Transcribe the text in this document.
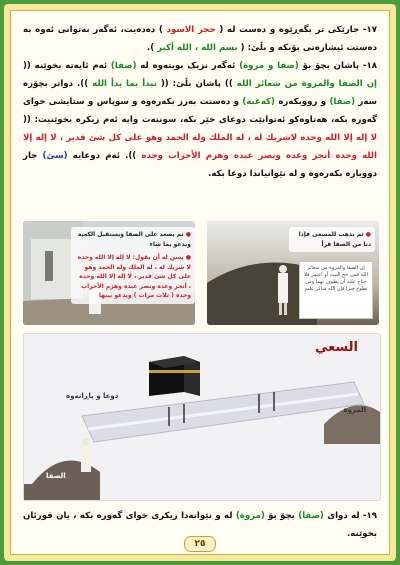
١٧- جارێکی تر بگەڕێوە و دەست لە ( حجر الاسود ) دەدەیت، ئەگەر نەتوانی ئەوە بە دەستت ئیشارەتی بۆبکە و بڵێ: ( بسم الله ، الله أكبر ).
١٨- پاشان بچۆ بۆ (صفا و مروة) ئەگەر نزیک بویتەوە لە (صفا) ئەم ئایەتە بخوێنە (( إن الصفا والمروة من شعائر الله )) پاشان بڵێ: (( نبدأ بما بدأ الله )). دواتر بچۆرە سەر (صفا) و رووبکەرە (کەعبە) و دەستت بەرز بکەرەوە و سوپاس و ستایشی خوای گەورە بکە، هەتاوەکو ئەتوانێت دوعای خێر بکە، سوننەت وایە ئەم زیکرە بخوێنیت: (( لا إله إلا الله وحده لاشريك له ، له الملك وله الحمد وهو على كل شئ قدير ، لا إله إلا الله وحده أنجز وعده ونصر عبده وهزم الأحزاب وحده )). ئەم دوعایە (سێ) جار دووبارە بکەرەوە و لە نێوانیاندا دوعا بکە.
● ثم يصعد على الصفا ويستقبل الكعبة ويدعو بما شاء
● يسن له أن يقول: لا إله إلا الله وحده لا شريك له ، له الملك وله الحمد وهو على كل شئ قدير ، لا إله إلا الله وحده ، أنجز وعده ونصر عبده وهزم الأحزاب وحده ( ثلاث مرات ) ويدعو بينها
● ثم يذهب للمسعى فإذا دنا من الصفا قرأ
إن الصفا والمروة من شعائر الله فمن حج البيت أو اعتمر فلا جناح عليه أن يطوف بهما ومن تطوع خيرا فإن الله شاكر عليم
السعي
دوعا و پاڕانەوە
المروة
الصفا
١٩- لە دوای (صفا) بچۆ بۆ (مروة) لە و نێوانەدا زیکری خوای گەورە بکە ، یان قورئان بخوێنە.
٢٥
